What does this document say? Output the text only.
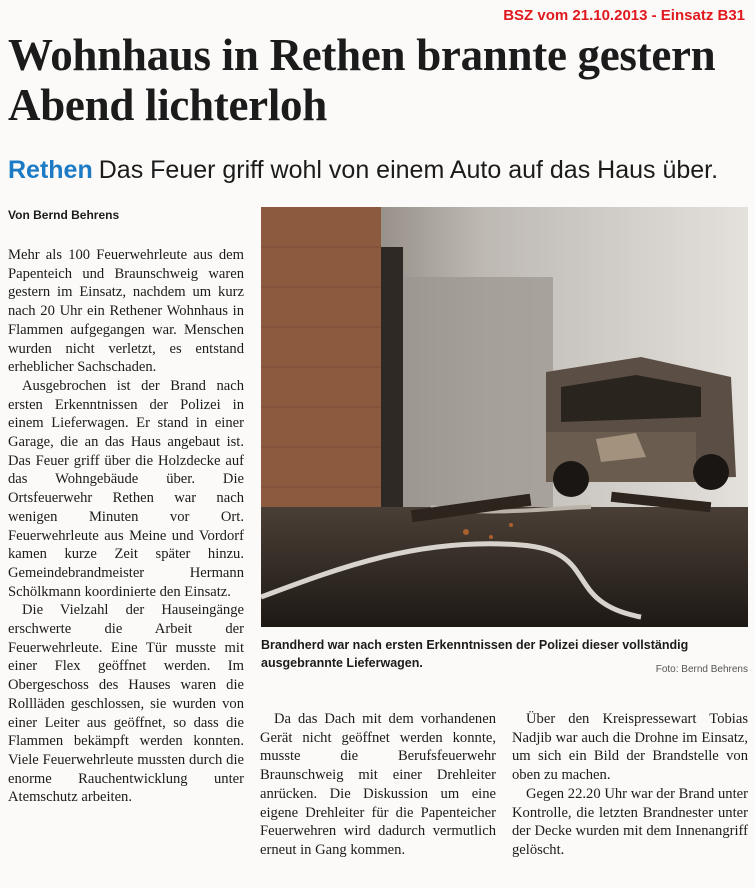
BSZ vom 21.10.2013 - Einsatz B31
Wohnhaus in Rethen brannte gestern Abend lichterloh
Rethen Das Feuer griff wohl von einem Auto auf das Haus über.
Von Bernd Behrens

Mehr als 100 Feuerwehrleute aus dem Papenteich und Braunschweig waren gestern im Einsatz, nachdem um kurz nach 20 Uhr ein Rethener Wohnhaus in Flammen aufgegangen war. Menschen wurden nicht verletzt, es entstand erheblicher Sachschaden.

Ausgebrochen ist der Brand nach ersten Erkenntnissen der Polizei in einem Lieferwagen. Er stand in einer Garage, die an das Haus angebaut ist. Das Feuer griff über die Holzdecke auf das Wohngebäude über. Die Ortsfeuerwehr Rethen war nach wenigen Minuten vor Ort. Feuerwehrleute aus Meine und Vordorf kamen kurze Zeit später hinzu. Gemeindebrandmeister Hermann Schölkmann koordinierte den Einsatz.

Die Vielzahl der Hauseingänge erschwerte die Arbeit der Feuerwehrleute. Eine Tür musste mit einer Flex geöffnet werden. Im Obergeschoss des Hauses waren die Rollläden geschlossen, sie wurden von einer Leiter aus geöffnet, so dass die Flammen bekämpft werden konnten. Viele Feuerwehrleute mussten durch die enorme Rauchentwicklung unter Atemschutz arbeiten.

Brandherd war nach ersten Erkenntnissen der Polizei dieser vollständig ausgebrannte Lieferwagen.	Foto: Bernd Behrens

Da das Dach mit dem vorhandenen Gerät nicht geöffnet werden konnte, musste die Berufsfeuerwehr Braunschweig mit einer Drehleiter anrücken. Die Diskussion um eine eigene Drehleiter für die Papenteicher Feuerwehren wird dadurch vermutlich erneut in Gang kommen.

Über den Kreispressewart Tobias Nadjib war auch die Drohne im Einsatz, um sich ein Bild der Brandstelle von oben zu machen.

Gegen 22.20 Uhr war der Brand unter Kontrolle, die letzten Brandnester unter der Decke wurden mit dem Innenangriff gelöscht.
